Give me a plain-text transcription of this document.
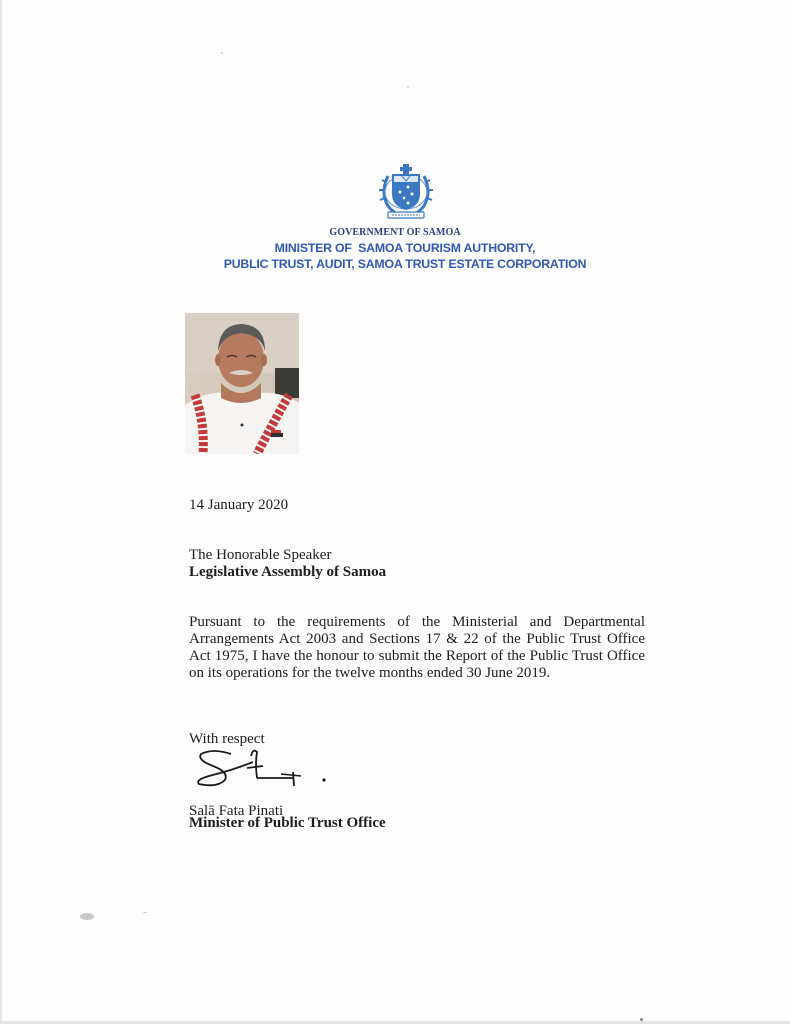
GOVERNMENT OF SAMOA
MINISTER OF  SAMOA TOURISM AUTHORITY,
PUBLIC TRUST, AUDIT, SAMOA TRUST ESTATE CORPORATION
14 January 2020
The Honorable Speaker
Legislative Assembly of Samoa
Pursuant to the requirements of the Ministerial and Departmental Arrangements Act 2003 and Sections 17 & 22 of the Public Trust Office Act 1975, I have the honour to submit the Report of the Public Trust Office on its operations for the twelve months ended 30 June 2019.
With respect
Salā Fata Pinati
Minister of Public Trust Office
